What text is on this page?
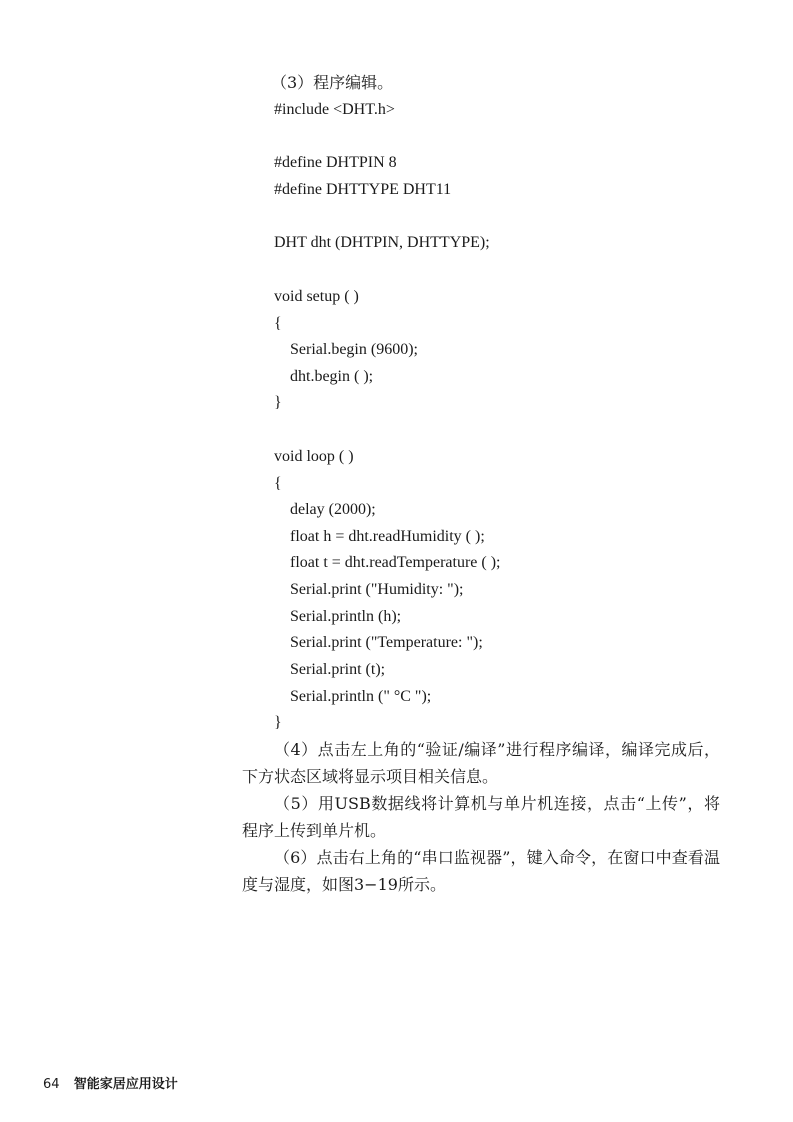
（3）程序编辑。
#include <DHT.h>
#define DHTPIN 8
#define DHTTYPE DHT11
DHT dht (DHTPIN, DHTTYPE);
void setup ( )
{
Serial.begin (9600);
dht.begin ( );
}
void loop ( )
{
delay (2000);
float h = dht.readHumidity ( );
float t = dht.readTemperature ( );
Serial.print ("Humidity: ");
Serial.println (h);
Serial.print ("Temperature: ");
Serial.print (t);
Serial.println (" °C ");
}

（4）点击左上角的“验证/编译”进行程序编译，编译完成后，下方状态区域将显示项目相关信息。

（5）用USB数据线将计算机与单片机连接，点击“上传”，将程序上传到单片机。

（6）点击右上角的“串口监视器”，键入命令，在窗口中查看温度与湿度，如图3−19所示。

64 智能家居应用设计
